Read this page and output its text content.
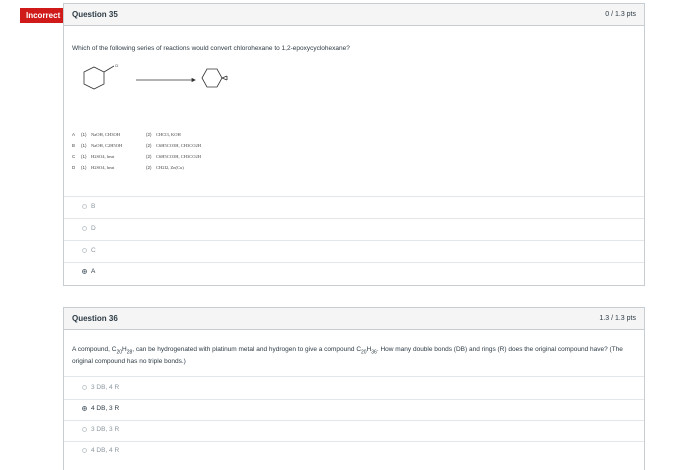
Incorrect	Question 35	0 / 1.3 pts
Which of the following series of reactions would convert chlorohexane to 1,2-epoxycyclohexane?
Cl
A	(1)	NaOH, CH3OH	(2)	CHCl3, KOH
B	(1)	NaOH, C2H5OH	(2)	C6H5CO3H, CH3CO2H
C	(1)	H2SO4, heat	(2)	C6H5CO3H, CH3CO2H
D	(1)	H2SO4, heat	(2)	CH2I2, Zn(Cu)
B
D
C
A
Question 36	1.3 / 1.3 pts
A compound, $C_{20}H_{28}$, can be hydrogenated with platinum metal and hydrogen to give a compound $C_{20}H_{36}$. How many double bonds (DB) and rings (R) does the original compound have? (The original compound has no triple bonds.)
3 DB, 4 R
4 DB, 3 R
3 DB, 3 R
4 DB, 4 R
